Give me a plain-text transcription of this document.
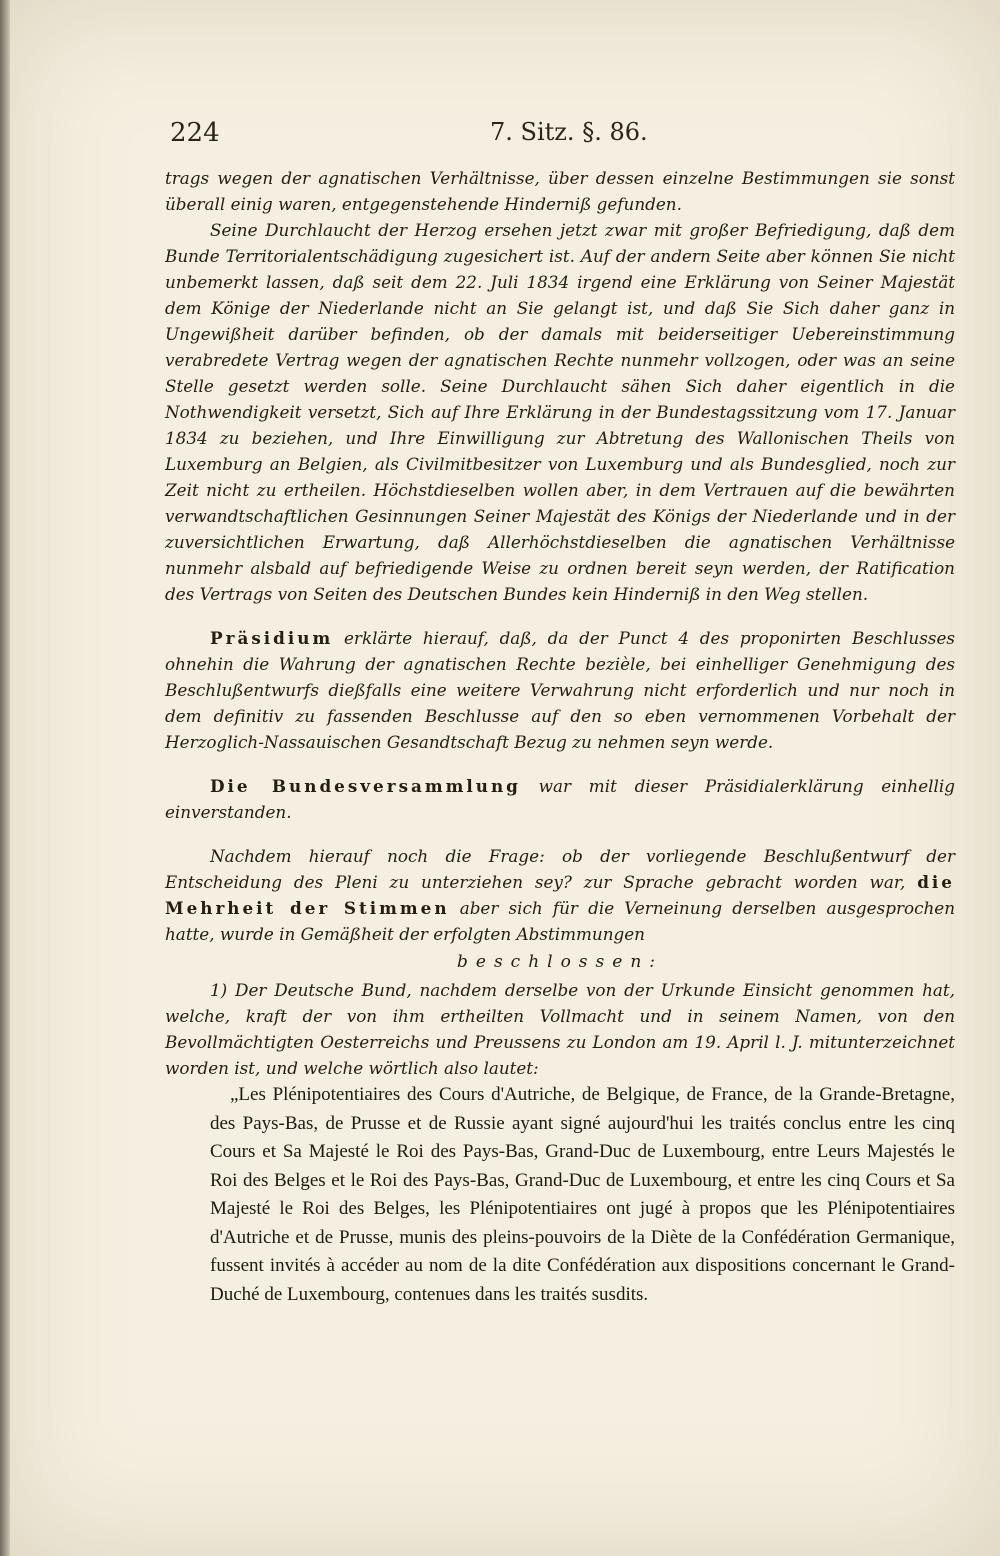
224	7. Sitz. §. 86.

trags wegen der agnatischen Verhältnisse, über dessen einzelne Bestimmungen sie sonst überall einig waren, entgegenstehende Hinderniß gefunden.

Seine Durchlaucht der Herzog ersehen jetzt zwar mit großer Befriedigung, daß dem Bunde Territorialentschädigung zugesichert ist. Auf der andern Seite aber können Sie nicht unbemerkt lassen, daß seit dem 22. Juli 1834 irgend eine Erklärung von Seiner Majestät dem Könige der Niederlande nicht an Sie gelangt ist, und daß Sie Sich daher ganz in Ungewißheit darüber befinden, ob der damals mit beiderseitiger Uebereinstimmung verabredete Vertrag wegen der agnatischen Rechte nunmehr vollzogen, oder was an seine Stelle gesetzt werden solle. Seine Durchlaucht sähen Sich daher eigentlich in die Nothwendigkeit versetzt, Sich auf Ihre Erklärung in der Bundestagssitzung vom 17. Januar 1834 zu beziehen, und Ihre Einwilligung zur Abtretung des Wallonischen Theils von Luxemburg an Belgien, als Civilmitbesitzer von Luxemburg und als Bundesglied, noch zur Zeit nicht zu ertheilen. Höchstdieselben wollen aber, in dem Vertrauen auf die bewährten verwandtschaftlichen Gesinnungen Seiner Majestät des Königs der Niederlande und in der zuversichtlichen Erwartung, daß Allerhöchstdieselben die agnatischen Verhältnisse nunmehr alsbald auf befriedigende Weise zu ordnen bereit seyn werden, der Ratification des Vertrags von Seiten des Deutschen Bundes kein Hinderniß in den Weg stellen.

Präsidium erklärte hierauf, daß, da der Punct 4 des proponirten Beschlusses ohnehin die Wahrung der agnatischen Rechte bezièle, bei einhelliger Genehmigung des Beschlußentwurfs dießfalls eine weitere Verwahrung nicht erforderlich und nur noch in dem definitiv zu fassenden Beschlusse auf den so eben vernommenen Vorbehalt der Herzoglich-Nassauischen Gesandtschaft Bezug zu nehmen seyn werde.

Die Bundesversammlung war mit dieser Präsidialerklärung einhellig einverstanden.

Nachdem hierauf noch die Frage: ob der vorliegende Beschlußentwurf der Entscheidung des Pleni zu unterziehen sey? zur Sprache gebracht worden war, die Mehrheit der Stimmen aber sich für die Verneinung derselben ausgesprochen hatte, wurde in Gemäßheit der erfolgten Abstimmungen

beschlossen:

1) Der Deutsche Bund, nachdem derselbe von der Urkunde Einsicht genommen hat, welche, kraft der von ihm ertheilten Vollmacht und in seinem Namen, von den Bevollmächtigten Oesterreichs und Preussens zu London am 19. April l. J. mitunterzeichnet worden ist, und welche wörtlich also lautet:

„Les Plénipotentiaires des Cours d'Autriche, de Belgique, de France, de la Grande-Bretagne, des Pays-Bas, de Prusse et de Russie ayant signé aujourd'hui les traités conclus entre les cinq Cours et Sa Majesté le Roi des Pays-Bas, Grand-Duc de Luxembourg, entre Leurs Majestés le Roi des Belges et le Roi des Pays-Bas, Grand-Duc de Luxembourg, et entre les cinq Cours et Sa Majesté le Roi des Belges, les Plénipotentiaires ont jugé à propos que les Plénipotentiaires d'Autriche et de Prusse, munis des pleins-pouvoirs de la Diète de la Confédération Germanique, fussent invités à accéder au nom de la dite Confédération aux dispositions concernant le Grand-Duché de Luxembourg, contenues dans les traités susdits.
